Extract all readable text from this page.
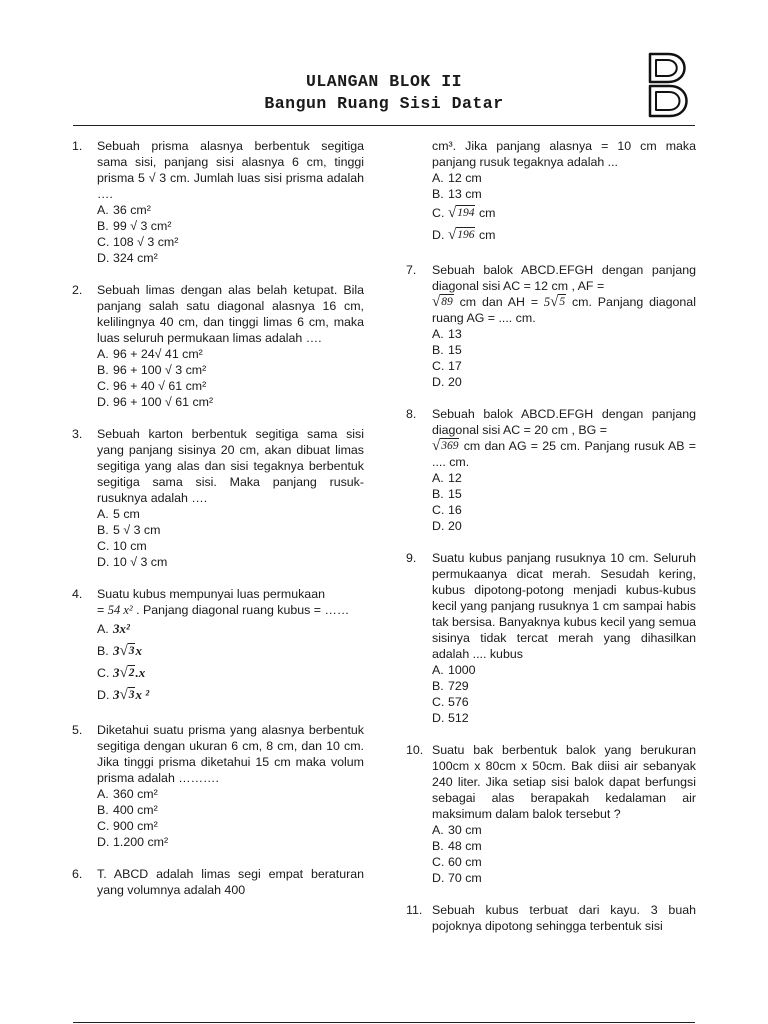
ULANGAN BLOK II
Bangun Ruang Sisi Datar
1. Sebuah prisma alasnya berbentuk segitiga sama sisi, panjang sisi alasnya 6 cm, tinggi prisma 5 √ 3 cm. Jumlah luas sisi prisma adalah ….
A. 36 cm²
B. 99 √ 3 cm²
C. 108 √ 3 cm²
D. 324 cm²
2. Sebuah limas dengan alas belah ketupat. Bila panjang salah satu diagonal alasnya 16 cm, kelilingnya 40 cm, dan tinggi limas 6 cm, maka luas seluruh permukaan limas adalah ….
A. 96 + 24√ 41 cm²
B. 96 + 100 √ 3 cm²
C. 96 + 40 √ 61 cm²
D. 96 + 100 √ 61 cm²
3. Sebuah karton berbentuk segitiga sama sisi yang panjang sisinya 20 cm, akan dibuat limas segitiga yang alas dan sisi tegaknya berbentuk segitiga sama sisi. Maka panjang rusuk-rusuknya adalah ….
A. 5 cm
B. 5 √ 3 cm
C. 10 cm
D. 10 √ 3 cm
4. Suatu kubus mempunyai luas permukaan
= 54 x² . Panjang diagonal ruang kubus = ……
A. 3x²
B. 3 √ 3 x
C. 3 √ 2 .x
D. 3 √ 3 x ²
5. Diketahui suatu prisma yang alasnya berbentuk segitiga dengan ukuran 6 cm, 8 cm, dan 10 cm. Jika tinggi prisma diketahui 15 cm maka volum prisma adalah ……….
A. 360 cm²
B. 400 cm²
C. 900 cm²
D. 1.200 cm²
6. T. ABCD adalah limas segi empat beraturan yang volumnya adalah 400
cm³. Jika panjang alasnya = 10 cm maka panjang rusuk tegaknya adalah ...
A. 12 cm
B. 13 cm
C. √ 194 cm
D. √ 196 cm
7. Sebuah balok ABCD.EFGH dengan panjang diagonal sisi AC = 12 cm , AF =

√ 89 cm dan AH = 5 √ 5 cm. Panjang diagonal ruang AG = .... cm.
A. 13
B. 15
C. 17
D. 20
8. Sebuah balok ABCD.EFGH dengan panjang diagonal sisi AC = 20 cm , BG =

√ 369 cm dan AG = 25 cm. Panjang rusuk AB = .... cm.
A. 12
B. 15
C. 16
D. 20
9. Suatu kubus panjang rusuknya 10 cm. Seluruh permukaanya dicat merah. Sesudah kering, kubus dipotong-potong menjadi kubus-kubus kecil yang panjang rusuknya 1 cm sampai habis tak bersisa. Banyaknya kubus kecil yang semua sisinya tidak tercat merah yang dihasilkan adalah .... kubus
A. 1000
B. 729
C. 576
D. 512
10. Suatu bak berbentuk balok yang berukuran 100cm x 80cm x 50cm. Bak diisi air sebanyak 240 liter. Jika setiap sisi balok dapat berfungsi sebagai alas berapakah kedalaman air maksimum dalam balok tersebut ?
A. 30 cm
B. 48 cm
C. 60 cm
D. 70 cm
11. Sebuah kubus terbuat dari kayu. 3 buah pojoknya dipotong sehingga terbentuk sisi
